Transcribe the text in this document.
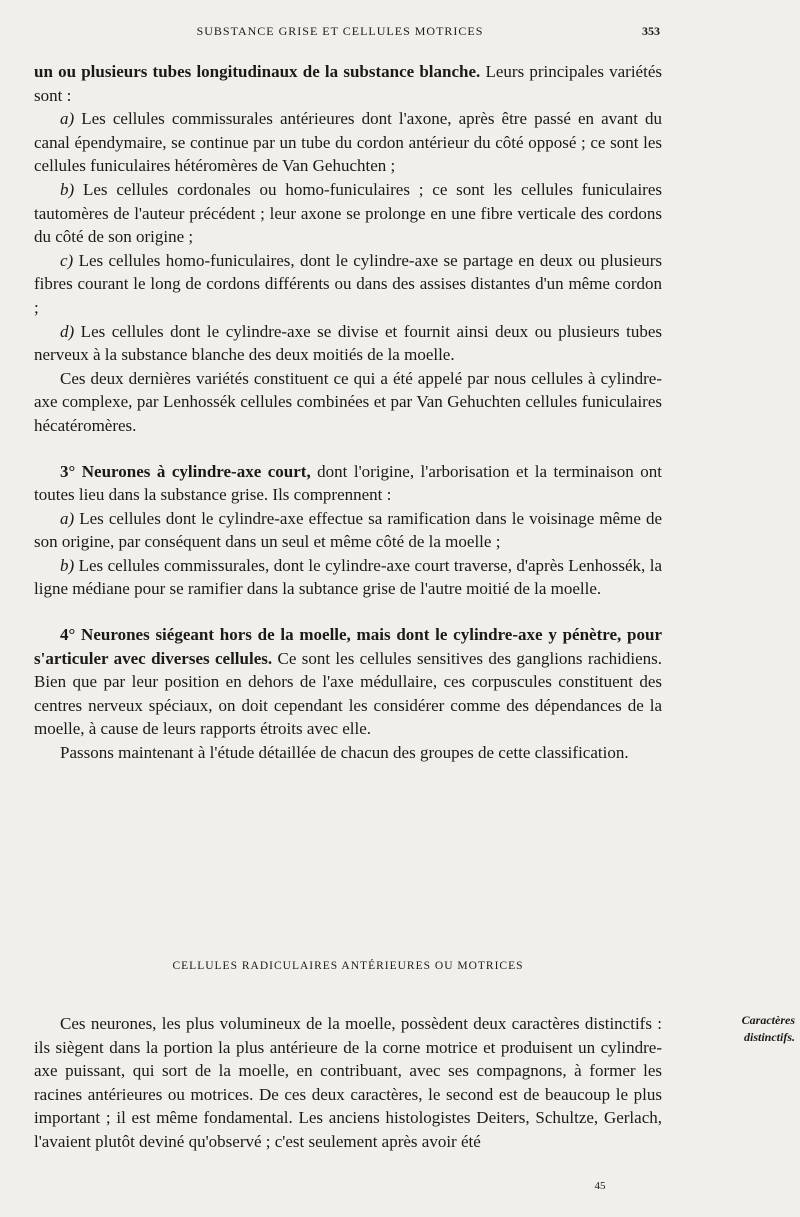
SUBSTANCE GRISE ET CELLULES MOTRICES	353

un ou plusieurs tubes longitudinaux de la substance blanche. Leurs principales variétés sont :

a) Les cellules commissurales antérieures dont l'axone, après être passé en avant du canal épendymaire, se continue par un tube du cordon antérieur du côté opposé ; ce sont les cellules funiculaires hétéromères de Van Gehuchten ;

b) Les cellules cordonales ou homo-funiculaires ; ce sont les cellules funiculaires tautomères de l'auteur précédent ; leur axone se prolonge en une fibre verticale des cordons du côté de son origine ;

c) Les cellules homo-funiculaires, dont le cylindre-axe se partage en deux ou plusieurs fibres courant le long de cordons différents ou dans des assises distantes d'un même cordon ;

d) Les cellules dont le cylindre-axe se divise et fournit ainsi deux ou plusieurs tubes nerveux à la substance blanche des deux moitiés de la moelle.

Ces deux dernières variétés constituent ce qui a été appelé par nous cellules à cylindre-axe complexe, par Lenhossék cellules combinées et par Van Gehuchten cellules funiculaires hécatéromères.

3° Neurones à cylindre-axe court, dont l'origine, l'arborisation et la terminaison ont toutes lieu dans la substance grise. Ils comprennent :

a) Les cellules dont le cylindre-axe effectue sa ramification dans le voisinage même de son origine, par conséquent dans un seul et même côté de la moelle ;

b) Les cellules commissurales, dont le cylindre-axe court traverse, d'après Lenhossék, la ligne médiane pour se ramifier dans la subtance grise de l'autre moitié de la moelle.

4° Neurones siégeant hors de la moelle, mais dont le cylindre-axe y pénètre, pour s'articuler avec diverses cellules. Ce sont les cellules sensitives des ganglions rachidiens. Bien que par leur position en dehors de l'axe médullaire, ces corpuscules constituent des centres nerveux spéciaux, on doit cependant les considérer comme des dépendances de la moelle, à cause de leurs rapports étroits avec elle.

Passons maintenant à l'étude détaillée de chacun des groupes de cette classification.

CELLULES RADICULAIRES ANTÉRIEURES OU MOTRICES

Ces neurones, les plus volumineux de la moelle, possèdent deux caractères distinctifs : ils siègent dans la portion la plus antérieure de la corne motrice et produisent un cylindre-axe puissant, qui sort de la moelle, en contribuant, avec ses compagnons, à former les racines antérieures ou motrices. De ces deux caractères, le second est de beaucoup le plus important ; il est même fondamental. Les anciens histologistes Deiters, Schultze, Gerlach, l'avaient plutôt deviné qu'observé ; c'est seulement après avoir été

Caractères
distinctifs.
45
